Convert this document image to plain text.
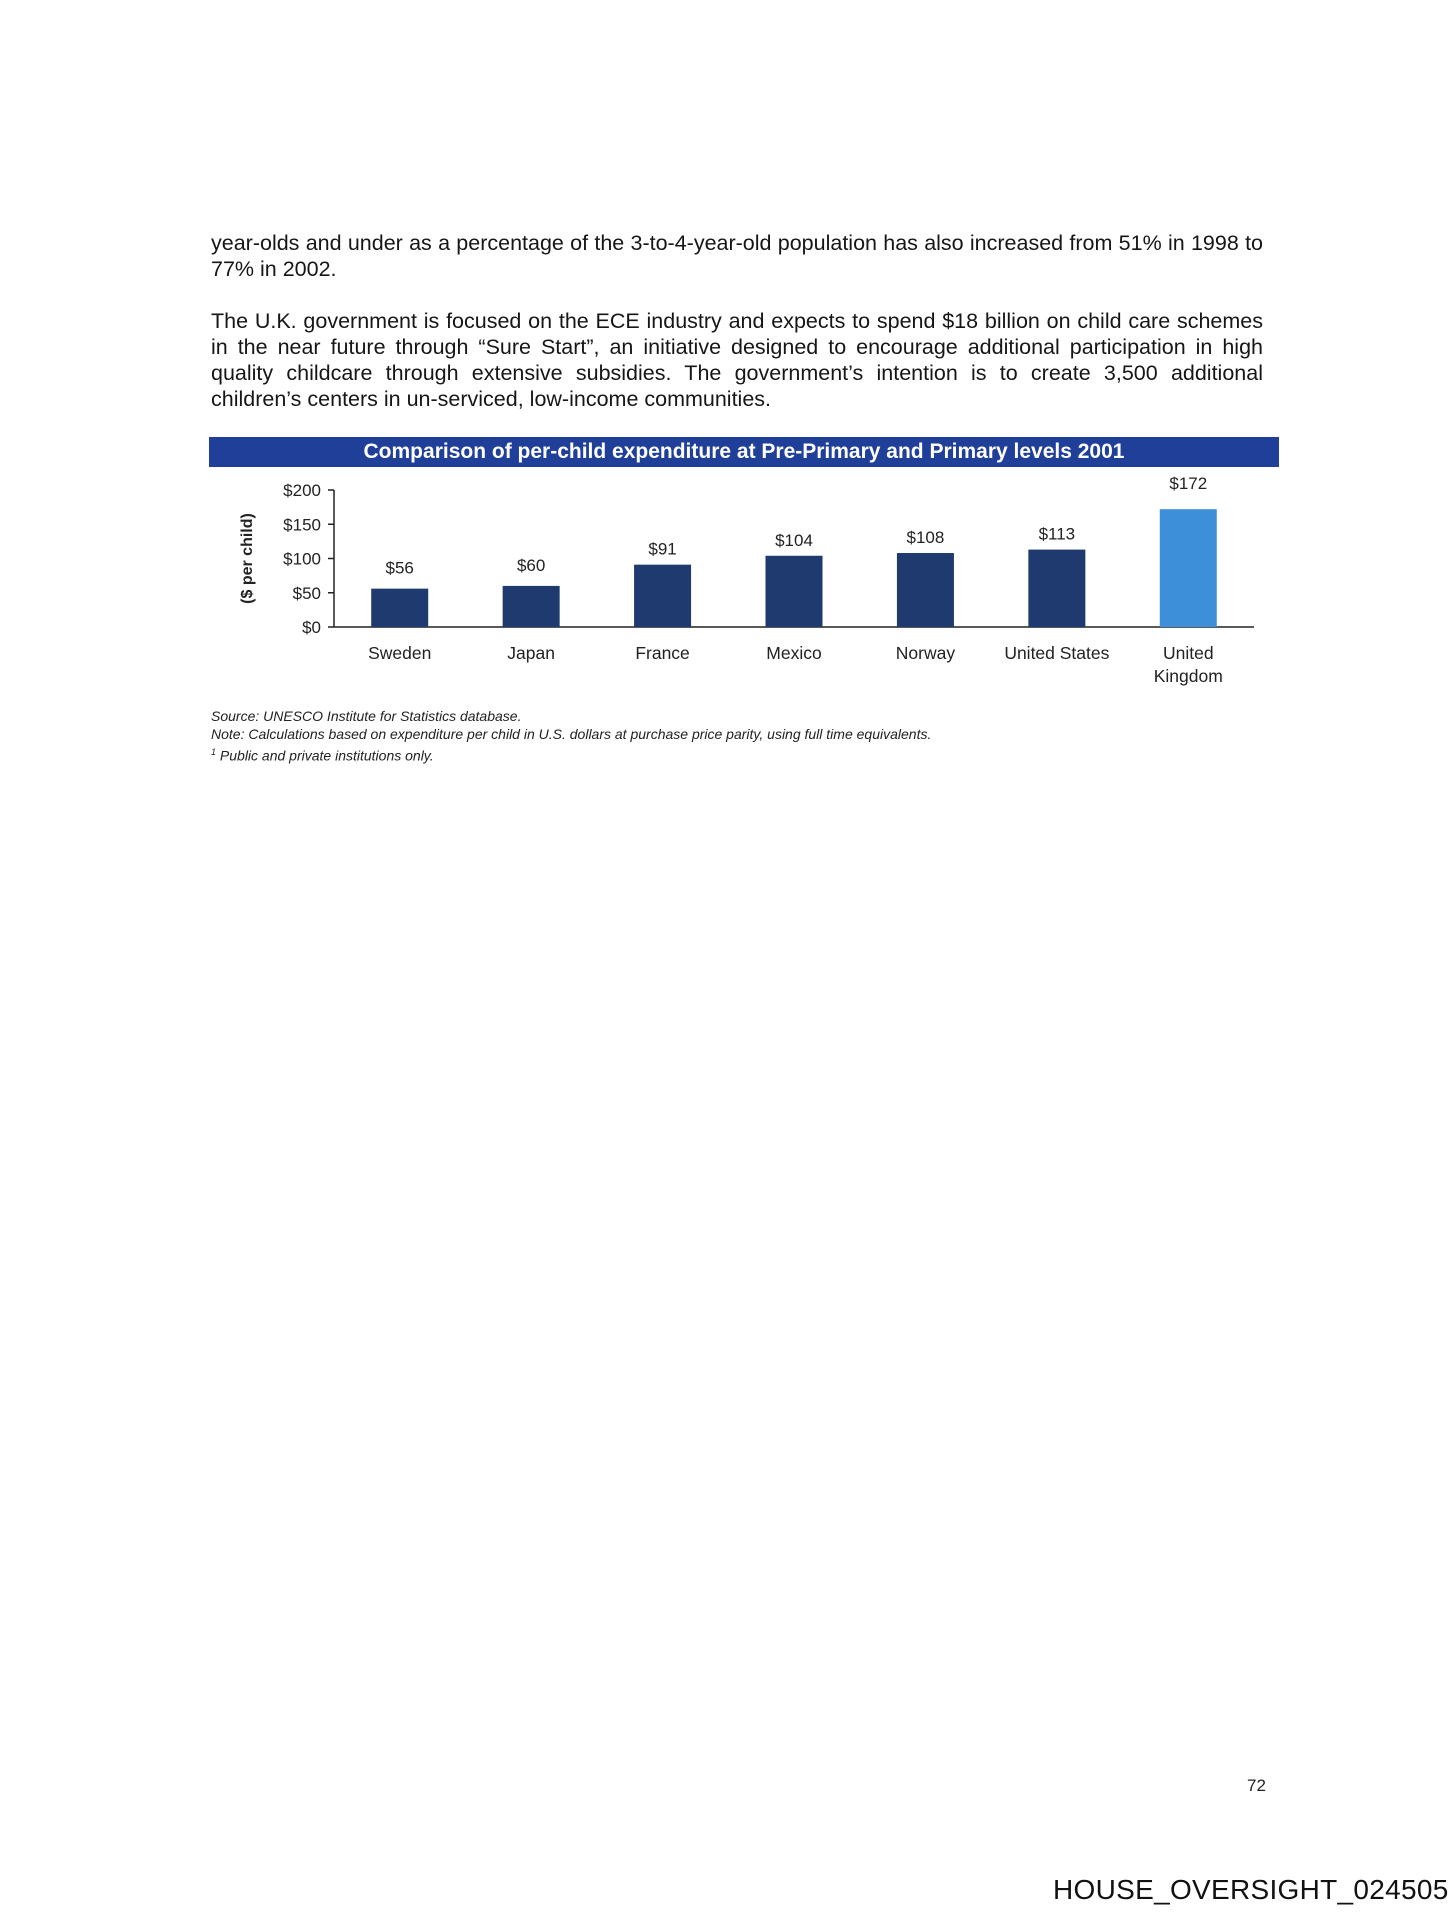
year-olds and under as a percentage of the 3-to-4-year-old population has also increased from 51% in 1998 to 77% in 2002.

The U.K. government is focused on the ECE industry and expects to spend $18 billion on child care schemes in the near future through “Sure Start”, an initiative designed to encourage additional participation in high quality childcare through extensive subsidies. The government’s intention is to create 3,500 additional children’s centers in un-serviced, low-income communities.

Comparison of per-child expenditure at Pre-Primary and Primary levels 2001
$0
$50
$100
$150
$200
($ per child)	$56
Sweden
$60
Japan
$91
France
$104
Mexico
$108
Norway
$113
United States
$172
United
Kingdom
Source: UNESCO Institute for Statistics database.
Note: Calculations based on expenditure per child in U.S. dollars at purchase price parity, using full time equivalents.
$^1$ Public and private institutions only.
72
HOUSE_OVERSIGHT_024505
